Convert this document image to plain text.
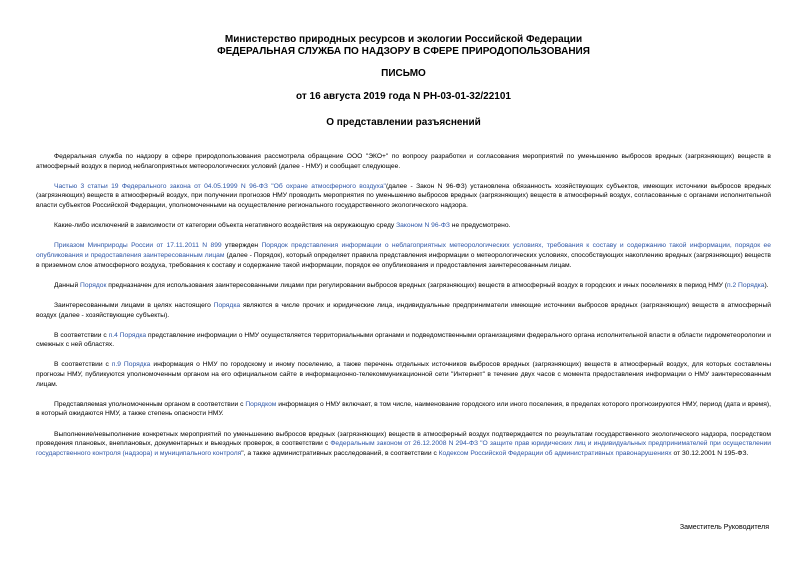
Министерство природных ресурсов и экологии Российской Федерации
ФЕДЕРАЛЬНАЯ СЛУЖБА ПО НАДЗОРУ В СФЕРЕ ПРИРОДОПОЛЬЗОВАНИЯ
ПИСЬМО
от 16 августа 2019 года N РН-03-01-32/22101
О представлении разъяснений

Федеральная служба по надзору в сфере природопользования рассмотрела обращение ООО "ЭКО+" по вопросу разработки и согласования мероприятий по уменьшению выбросов вредных (загрязняющих) веществ в атмосферный воздух в период неблагоприятных метеорологических условий (далее - НМУ) и сообщает следующее.

Частью 3 статьи 19 Федерального закона от 04.05.1999 N 96-ФЗ "Об охране атмосферного воздуха"(далее - Закон N 96-ФЗ) установлена обязанность хозяйствующих субъектов, имеющих источники выбросов вредных (загрязняющих) веществ в атмосферный воздух, при получении прогнозов НМУ проводить мероприятия по уменьшению выбросов вредных (загрязняющих) веществ в атмосферный воздух, согласованные с органами исполнительной власти субъектов Российской Федерации, уполномоченными на осуществление регионального государственного экологического надзора.

Какие-либо исключений в зависимости от категории объекта негативного воздействия на окружающую среду Законом N 96-ФЗ не предусмотрено.

Приказом Минприроды России от 17.11.2011 N 899 утвержден Порядок представления информации о неблагоприятных метеорологических условиях, требования к составу и содержанию такой информации, порядок ее опубликования и предоставления заинтересованным лицам (далее - Порядок), который определяет правила представления информации о метеорологических условиях, способствующих накоплению вредных (загрязняющих) веществ в приземном слое атмосферного воздуха, требования к составу и содержание такой информации, порядок ее опубликования и предоставления заинтересованным лицам.

Данный Порядок предназначен для использования заинтересованными лицами при регулировании выбросов вредных (загрязняющих) веществ в атмосферный воздух в городских и иных поселениях в период НМУ (п.2 Порядка).

Заинтересованными лицами в целях настоящего Порядка являются в числе прочих и юридические лица, индивидуальные предприниматели имеющие источники выбросов вредных (загрязняющих) веществ в атмосферный воздух (далее - хозяйствующие субъекты).

В соответствии с п.4 Порядка представление информации о НМУ осуществляется территориальными органами и подведомственными организациями федерального органа исполнительной власти в области гидрометеорологии и смежных с ней областях.

В соответствии с п.9 Порядка информация о НМУ по городскому и иному поселению, а также перечень отдельных источников выбросов вредных (загрязняющих) веществ в атмосферный воздух, для которых составлены прогнозы НМУ, публикуются уполномоченным органом на его официальном сайте в информационно-телекоммуникационной сети "Интернет" в течение двух часов с момента предоставления информации о НМУ заинтересованным лицам.

Представляемая уполномоченным органом в соответствии с Порядком информация о НМУ включает, в том числе, наименование городского или иного поселения, в пределах которого прогнозируются НМУ, период (дата и время), в который ожидаются НМУ, а также степень опасности НМУ.

Выполнение/невыполнение конкретных мероприятий по уменьшению выбросов вредных (загрязняющих) веществ в атмосферный воздух подтверждается по результатам государственного экологического надзора, посредством проведения плановых, внеплановых, документарных и выездных проверок, в соответствии с Федеральным законом от 26.12.2008 N 294-ФЗ "О защите прав юридических лиц и индивидуальных предпринимателей при осуществлении государственного контроля (надзора) и муниципального контроля", а также административных расследований, в соответствии с Кодексом Российской Федерации об административных правонарушениях от 30.12.2001 N 195-ФЗ.

Заместитель Руководителя
